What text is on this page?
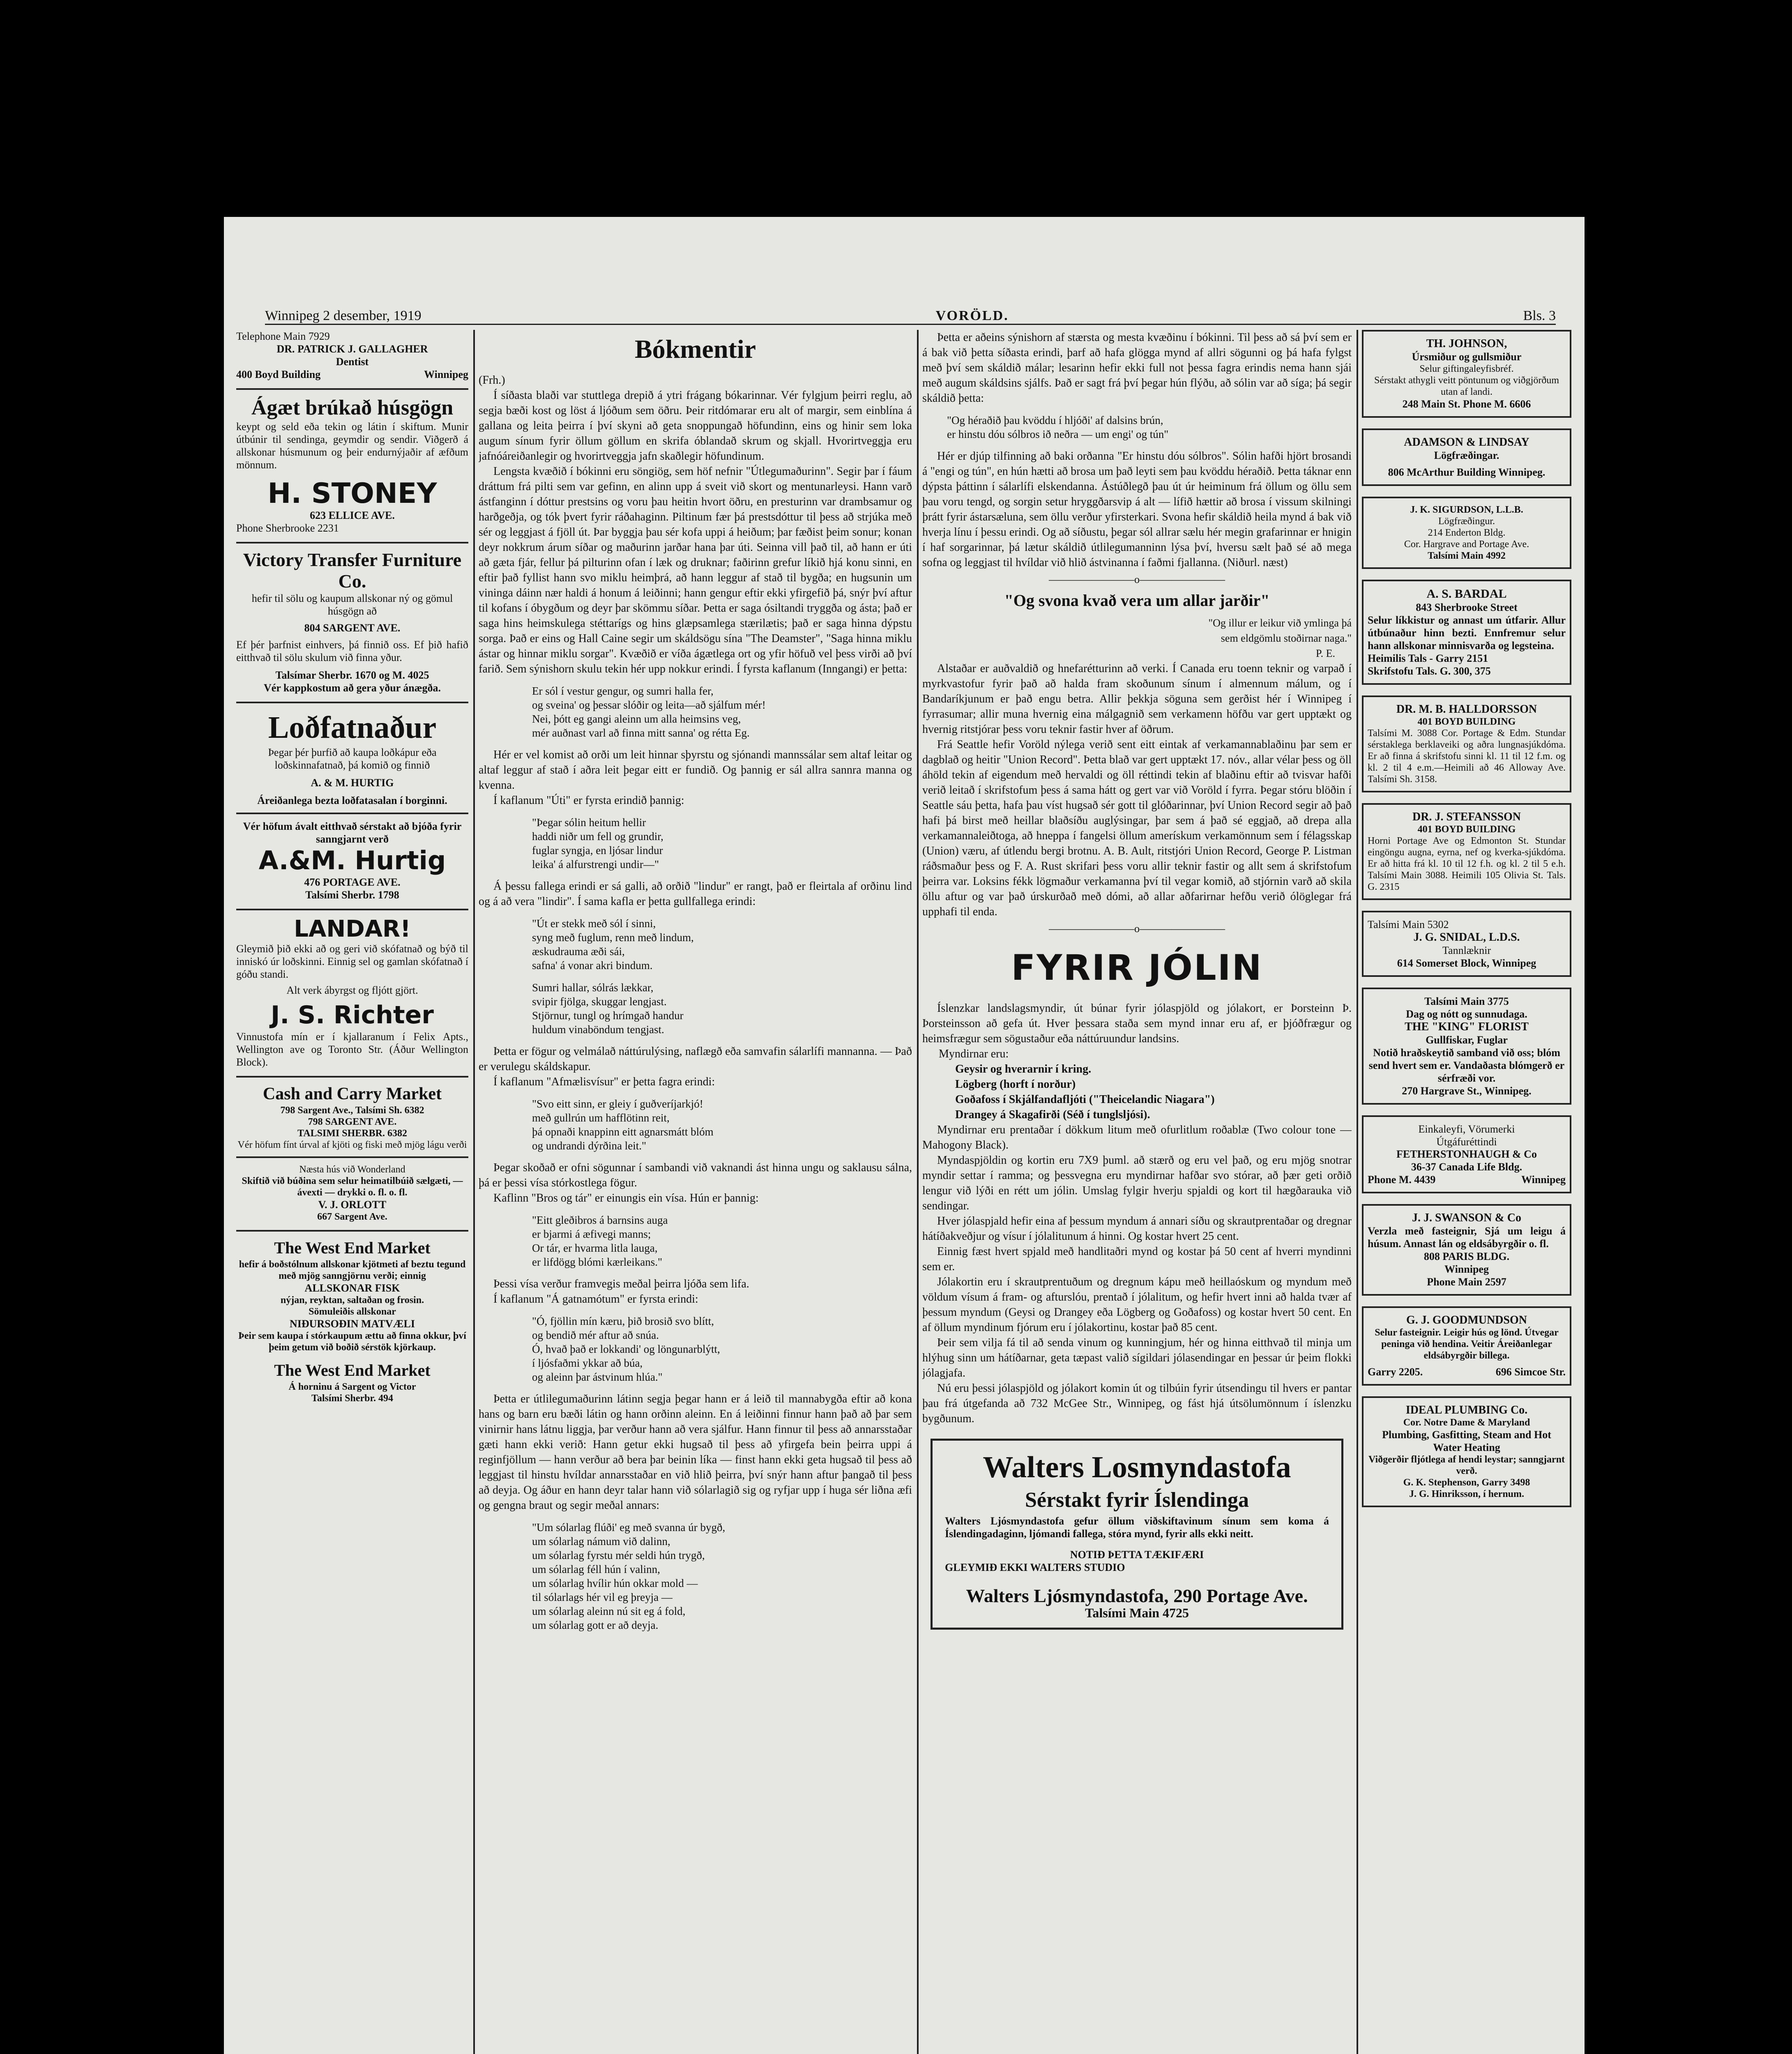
Winnipeg 2 desember, 1919	VORÖLD.	Bls. 3
Telephone Main 7929
DR. PATRICK J. GALLAGHER
Dentist
400 Boyd Building	Winnipeg
Ágæt brúkað húsgögn
keypt og seld eða tekin og látin í skiftum. Munir útbúnir til sendinga, geymdir og sendir. Viðgerð á allskonar húsmunum og þeir endurnýjaðir af æfðum mönnum.
H. STONEY
623 ELLICE AVE.
Phone Sherbrooke 2231
Victory Transfer Furniture Co.
hefir til sölu og kaupum allskonar ný og gömul húsgögn að
804 SARGENT AVE.
Ef þér þarfnist einhvers, þá finnið oss. Ef þið hafið eitthvað til sölu skulum við finna yður.
Talsímar Sherbr. 1670 og M. 4025
Vér kappkostum að gera yður ánægða.
Loðfatnaður
Þegar þér þurfið að kaupa loðkápur eða loðskinnafatnað, þá komið og finnið
A. & M. HURTIG
Áreiðanlega bezta loðfatasalan í borginni.
Vér höfum ávalt eitthvað sérstakt að bjóða fyrir sanngjarnt verð
A.&M. Hurtig
476 PORTAGE AVE.
Talsími Sherbr. 1798
LANDAR!
Gleymið þið ekki að og geri við skófatnað og býð til inniskó úr loðskinni. Einnig sel og gamlan skófatnað í góðu standi.
Alt verk ábyrgst og fljótt gjört.
J. S. Richter
Vinnustofa mín er í kjallaranum í Felix Apts., Wellington ave og Toronto Str. (Áður Wellington Block).
Cash and Carry Market
798 Sargent Ave., Talsími Sh. 6382
798 SARGENT AVE.
TALSIMI SHERBR. 6382
Vér höfum fínt úrval af kjöti og fiski með mjög lágu verði
Næsta hús við Wonderland
Skiftið við búðina sem selur heimatilbúið sælgæti, — ávexti — drykki o. fl. o. fl.
V. J. ORLOTT
667 Sargent Ave.
The West End Market
hefir á boðstólnum allskonar kjötmeti af beztu tegund með mjög sanngjörnu verði; einnig
ALLSKONAR FISK
nýjan, reyktan, saltaðan og frosin.
Sömuleiðis allskonar
NIÐURSOÐIN MATVÆLI
Þeir sem kaupa í stórkaupum ættu að finna okkur, því þeim getum við boðið sérstök kjörkaup.
The West End Market
Á horninu á Sargent og Victor
Talsími Sherbr. 494
Bókmentir
(Frh.)

Í síðasta blaði var stuttlega drepið á ytri frágang bókarinnar. Vér fylgjum þeirri reglu, að segja bæði kost og löst á ljóðum sem öðru. Þeir ritdómarar eru alt of margir, sem einblína á gallana og leita þeirra í því skyni að geta snoppungað höfundinn, eins og hinir sem loka augum sínum fyrir öllum göllum en skrifa óblandað skrum og skjall. Hvorirtveggja eru jafnóáreiðanlegir og hvorirtveggja jafn skaðlegir höfundinum.

Lengsta kvæðið í bókinni eru söngiög, sem höf nefnir "Útlegumaðurinn". Segir þar í fáum dráttum frá pilti sem var gefinn, en alinn upp á sveit við skort og mentunarleysi. Hann varð ástfanginn í dóttur prestsins og voru þau heitin hvort öðru, en presturinn var drambsamur og harðgeðja, og tók þvert fyrir ráðahaginn. Piltinum fær þá prestsdóttur til þess að strjúka með sér og leggjast á fjöll út. Þar byggja þau sér kofa uppi á heiðum; þar fæðist þeim sonur; konan deyr nokkrum árum síðar og maðurinn jarðar hana þar úti. Seinna vill það til, að hann er úti að gæta fjár, fellur þá pilturinn ofan í læk og druknar; faðirinn grefur líkið hjá konu sinni, en eftir það fyllist hann svo miklu heimþrá, að hann leggur af stað til bygða; en hugsunin um vininga dáinn nær haldi á honum á leiðinni; hann gengur eftir ekki yfirgefið þá, snýr því aftur til kofans í óbygðum og deyr þar skömmu síðar. Þetta er saga ósiltandi tryggða og ásta; það er saga hins heimskulega stéttarígs og hins glæpsamlega stærilætis; það er saga hinna dýpstu sorga. Það er eins og Hall Caine segir um skáldsögu sína "The Deamster", "Saga hinna miklu ástar og hinnar miklu sorgar". Kvæðið er víða ágætlega ort og yfir höfuð vel þess virði að því farið. Sem sýnishorn skulu tekin hér upp nokkur erindi. Í fyrsta kaflanum (Inngangi) er þetta:

Er sól í vestur gengur, og sumri halla fer,
og sveina' og þessar slóðir og leita—að sjálfum mér!
Nei, þótt eg gangi aleinn um alla heimsins veg,
mér auðnast varl að finna mitt sanna' og rétta Eg.

Hér er vel komist að orði um leit hinnar sþyrstu og sjónandi mannssálar sem altaf leitar og altaf leggur af stað í aðra leit þegar eitt er fundið. Og þannig er sál allra sannra manna og kvenna.

Í kaflanum "Úti" er fyrsta erindið þannig:

"Þegar sólin heitum hellir
haddi niðr um fell og grundir,
fuglar syngja, en ljósar lindur
leika' á alfurstrengi undir—"

Á þessu fallega erindi er sá galli, að orðið "lindur" er rangt, það er fleirtala af orðinu lind og á að vera "lindir". Í sama kafla er þetta gullfallega erindi:

"Út er stekk með sól í sinni,
syng með fuglum, renn með lindum,
æskudrauma æði sái,
safna' á vonar akri bindum.
Sumri hallar, sólrás lækkar,
svipir fjölga, skuggar lengjast.
Stjörnur, tungl og hrímgað handur
huldum vinaböndum tengjast.

Þetta er fögur og velmálað náttúrulýsing, naflægð eða samvafin sálarlífi mannanna. — Það er verulegu skáldskapur.

Í kaflanum "Afmælisvísur" er þetta fagra erindi:

"Svo eitt sinn, er gleiy í guðveríjarkjó!
með gullrún um hafflötinn reit,
þá opnaði knappinn eitt agnarsmátt blóm
og undrandi dýrðina leit."

Þegar skoðað er ofni sögunnar í sambandi við vaknandi ást hinna ungu og saklausu sálna, þá er þessi vísa stórkostlega fögur.

Kaflinn "Bros og tár" er einungis ein vísa. Hún er þannig:

"Eitt gleðibros á barnsins auga
er bjarmi á æfivegi manns;
Or tár, er hvarma litla lauga,
er lifdögg blómi kærleikans."

Þessi vísa verður framvegis meðal þeirra ljóða sem lifa.

Í kaflanum "Á gatnamótum" er fyrsta erindi:

"Ó, fjöllin mín kæru, þið brosið svo blítt,
og bendið mér aftur að snúa.
Ó, hvað það er lokkandi' og löngunarblýtt,
í ljósfaðmi ykkar að búa,
og aleinn þar ástvinum hlúa."

Þetta er útlilegumaðurinn látinn segja þegar hann er á leið til mannabygða eftir að kona hans og barn eru bæði látin og hann orðinn aleinn. En á leiðinni finnur hann það að þar sem vinirnir hans látnu liggja, þar verður hann að vera sjálfur. Hann finnur til þess að annarsstaðar gæti hann ekki verið: Hann getur ekki hugsað til þess að yfirgefa bein þeirra uppi á reginfjöllum — hann verður að bera þar beinin líka — finst hann ekki geta hugsað til þess að leggjast til hinstu hvíldar annarsstaðar en við hlið þeirra, því snýr hann aftur þangað til þess að deyja. Og áður en hann deyr talar hann við sólarlagið sig og ryfjar upp í huga sér liðna æfi og gengna braut og segir meðal annars:

"Um sólarlag flúði' eg með svanna úr bygð,
um sólarlag námum við dalinn,
um sólarlag fyrstu mér seldi hún trygð,
um sólarlag féll hún í valinn,
um sólarlag hvílir hún okkar mold —
til sólarlags hér vil eg þreyja —
um sólarlag aleinn nú sit eg á fold,
um sólarlag gott er að deyja.

Þetta er aðeins sýnishorn af stærsta og mesta kvæðinu í bókinni. Til þess að sá því sem er á bak við þetta síðasta erindi, þarf að hafa glögga mynd af allri sögunni og þá hafa fylgst með því sem skáldið málar; lesarinn hefir ekki full not þessa fagra erindis nema hann sjái með augum skáldsins sjálfs. Það er sagt frá því þegar hún flýðu, að sólin var að síga; þá segir skáldið þetta:

"Og héraðið þau kvöddu í hljóði' af dalsins brún,
er hinstu dóu sólbros ið neðra — um engi' og tún"

Hér er djúp tilfinning að baki orðanna "Er hinstu dóu sólbros". Sólin hafði hjört brosandi á "engi og tún", en hún hætti að brosa um það leyti sem þau kvöddu héraðið. Þetta táknar enn dýpsta þáttinn í sálarlífi elskendanna. Ástúðlegð þau út úr heiminum frá öllum og öllu sem þau voru tengd, og sorgin setur hryggðarsvip á alt — lífið hættir að brosa í vissum skilningi þrátt fyrir ástarsæluna, sem öllu verður yfirsterkari. Svona hefir skáldið heila mynd á bak við hverja línu í þessu erindi. Og að síðustu, þegar sól allrar sælu hér megin grafarinnar er hnigin í haf sorgarinnar, þá lætur skáldið útlilegumanninn lýsa því, hversu sælt það sé að mega sofna og leggjast til hvíldar við hlið ástvinanna í faðmi fjallanna. (Niðurl. næst)

————————o————————
"Og svona kvað vera um allar jarðir"
"Og illur er leikur við ymlinga þá
sem eldgömlu stoðirnar naga."
P. E.

Alstaðar er auðvaldið og hnefarétturinn að verki. Í Canada eru toenn teknir og varpað í myrkvastofur fyrir það að halda fram skoðunum sínum í almennum málum, og í Bandaríkjunum er það engu betra. Allir þekkja söguna sem gerðist hér í Winnipeg í fyrrasumar; allir muna hvernig eina málgagnið sem verkamenn höfðu var gert upptækt og hvernig ritstjórar þess voru teknir fastir hver af öðrum.

Frá Seattle hefir Voröld nýlega verið sent eitt eintak af verkamannablaðinu þar sem er dagblað og heitir "Union Record". Þetta blað var gert upptækt 17. nóv., allar vélar þess og öll áhöld tekin af eigendum með hervaldi og öll réttindi tekin af blaðinu eftir að tvisvar hafði verið leitað í skrifstofum þess á sama hátt og gert var við Voröld í fyrra. Þegar stóru blöðin í Seattle sáu þetta, hafa þau víst hugsað sér gott til glóðarinnar, því Union Record segir að það hafi þá birst með heillar blaðsíðu auglýsingar, þar sem á það sé eggjað, að drepa alla verkamannaleiðtoga, að hneppa í fangelsi öllum amerískum verkamönnum sem í félagsskap (Union) væru, af útlendu bergi brotnu. A. B. Ault, ritstjóri Union Record, George P. Listman ráðsmaður þess og F. A. Rust skrifari þess voru allir teknir fastir og allt sem á skrifstofum þeirra var. Loksins fékk lögmaður verkamanna því til vegar komið, að stjórnin varð að skila öllu aftur og var það úrskurðað með dómi, að allar aðfarirnar hefðu verið ólöglegar frá upphafi til enda.

————————o————————
FYRIR JÓLIN

Íslenzkar landslagsmyndir, út búnar fyrir jólaspjöld og jólakort, er Þorsteinn Þ. Þorsteinsson að gefa út. Hver þessara staða sem mynd innar eru af, er þjóðfrægur og heimsfrægur sem sögustaður eða náttúruundur landsins.

Myndirnar eru:
Geysir og hverarnir í kring.
Lögberg (horft í norður)
Goðafoss í Skjálfandafljóti ("Theicelandic Niagara")
Drangey á Skagafirði (Séð í tunglsljósi).

Myndirnar eru prentaðar í dökkum litum með ofurlitlum roðablæ (Two colour tone — Mahogony Black).

Myndaspjöldin og kortin eru 7X9 þuml. að stærð og eru vel það, og eru mjög snotrar myndir settar í ramma; og þessvegna eru myndirnar hafðar svo stórar, að þær geti orðið lengur við lýði en rétt um jólin. Umslag fylgir hverju spjaldi og kort til hægðarauka við sendingar.

Hver jólaspjald hefir eina af þessum myndum á annari síðu og skrautprentaðar og dregnar hátíðakveðjur og vísur í jólalitunum á hinni. Og kostar hvert 25 cent.

Einnig fæst hvert spjald með handlitaðri mynd og kostar þá 50 cent af hverri myndinni sem er.

Jólakortin eru í skrautprentuðum og dregnum kápu með heillaóskum og myndum með völdum vísum á fram- og afturslóu, prentað í jólalitum, og hefir hvert inni að halda tvær af þessum myndum (Geysi og Drangey eða Lögberg og Goðafoss) og kostar hvert 50 cent. En af öllum myndinum fjórum eru í jólakortinu, kostar það 85 cent.

Þeir sem vilja fá til að senda vinum og kunningjum, hér og hinna eitthvað til minja um hlýhug sinn um hátíðarnar, geta tæpast valið sígildari jólasendingar en þessar úr þeim flokki jólagjafa.

Nú eru þessi jólaspjöld og jólakort komin út og tilbúin fyrir útsendingu til hvers er pantar þau frá útgefanda að 732 McGee Str., Winnipeg, og fást hjá útsölumönnum í íslenzku bygðunum.

Walters Losmyndastofa
Sérstakt fyrir Íslendinga
Walters Ljósmyndastofa gefur öllum viðskiftavinum sínum sem koma á Íslendingadaginn, ljómandi fallega, stóra mynd, fyrir alls ekki neitt.
NOTIÐ ÞETTA TÆKIFÆRI
GLEYMIÐ EKKI WALTERS STUDIO
Walters Ljósmyndastofa, 290 Portage Ave.
Talsími Main 4725
TH. JOHNSON,
Úrsmiður og gullsmiður
Selur giftingaleyfisbréf.
Sérstakt athygli veitt pöntunum og viðgjörðum utan af landi.
248 Main St. Phone M. 6606
ADAMSON & LINDSAY
Lögfræðingar.
806 McArthur Building Winnipeg.
J. K. SIGURDSON, L.L.B.
Lögfræðingur.
214 Enderton Bldg.
Cor. Hargrave and Portage Ave.
Talsími Main 4992
A. S. BARDAL
843 Sherbrooke Street
Selur líkkistur og annast um útfarir. Allur útbúnaður hinn bezti. Ennfremur selur hann allskonar minnisvarða og legsteina.
Heimilis Tals - Garry 2151
Skrifstofu Tals. G. 300, 375
DR. M. B. HALLDORSSON
401 BOYD BUILDING
Talsími M. 3088 Cor. Portage & Edm. Stundar sérstaklega berklaveiki og aðra lungnasjúkdóma. Er að finna á skrifstofu sinni kl. 11 til 12 f.m. og kl. 2 til 4 e.m.—Heimili að 46 Alloway Ave. Talsími Sh. 3158.
DR. J. STEFANSSON
401 BOYD BUILDING
Horni Portage Ave og Edmonton St. Stundar eingöngu augna, eyrna, nef og kverka-sjúkdóma. Er að hitta frá kl. 10 til 12 f.h. og kl. 2 til 5 e.h. Talsími Main 3088. Heimili 105 Olivia St. Tals. G. 2315
Talsími Main 5302
J. G. SNIDAL, L.D.S.
Tannlæknir
614 Somerset Block, Winnipeg
Talsími Main 3775
Dag og nótt og sunnudaga.
THE "KING" FLORIST
Gullfiskar, Fuglar
Notið hraðskeytið samband við oss; blóm send hvert sem er. Vandaðasta blómgerð er sérfræði vor.
270 Hargrave St., Winnipeg.
Einkaleyfi, Vörumerki
Útgáfuréttindi
FETHERSTONHAUGH & Co
36-37 Canada Life Bldg.
Phone M. 4439	Winnipeg
J. J. SWANSON & Co
Verzla með fasteignir, Sjá um leigu á húsum. Annast lán og eldsábyrgðir o. fl.
808 PARIS BLDG.
Winnipeg
Phone Main 2597
G. J. GOODMUNDSON
Selur fasteignir. Leigir hús og lönd. Útvegar peninga við hendina. Veitir Áreiðanlegar eldsábyrgðir billega.
Garry 2205.	696 Simcoe Str.
IDEAL PLUMBING Co.
Cor. Notre Dame & Maryland
Plumbing, Gasfitting, Steam and Hot Water Heating
Viðgerðir fljótlega af hendi leystar; sanngjarnt verð.
G. K. Stephenson, Garry 3498
J. G. Hinriksson, í hernum.
